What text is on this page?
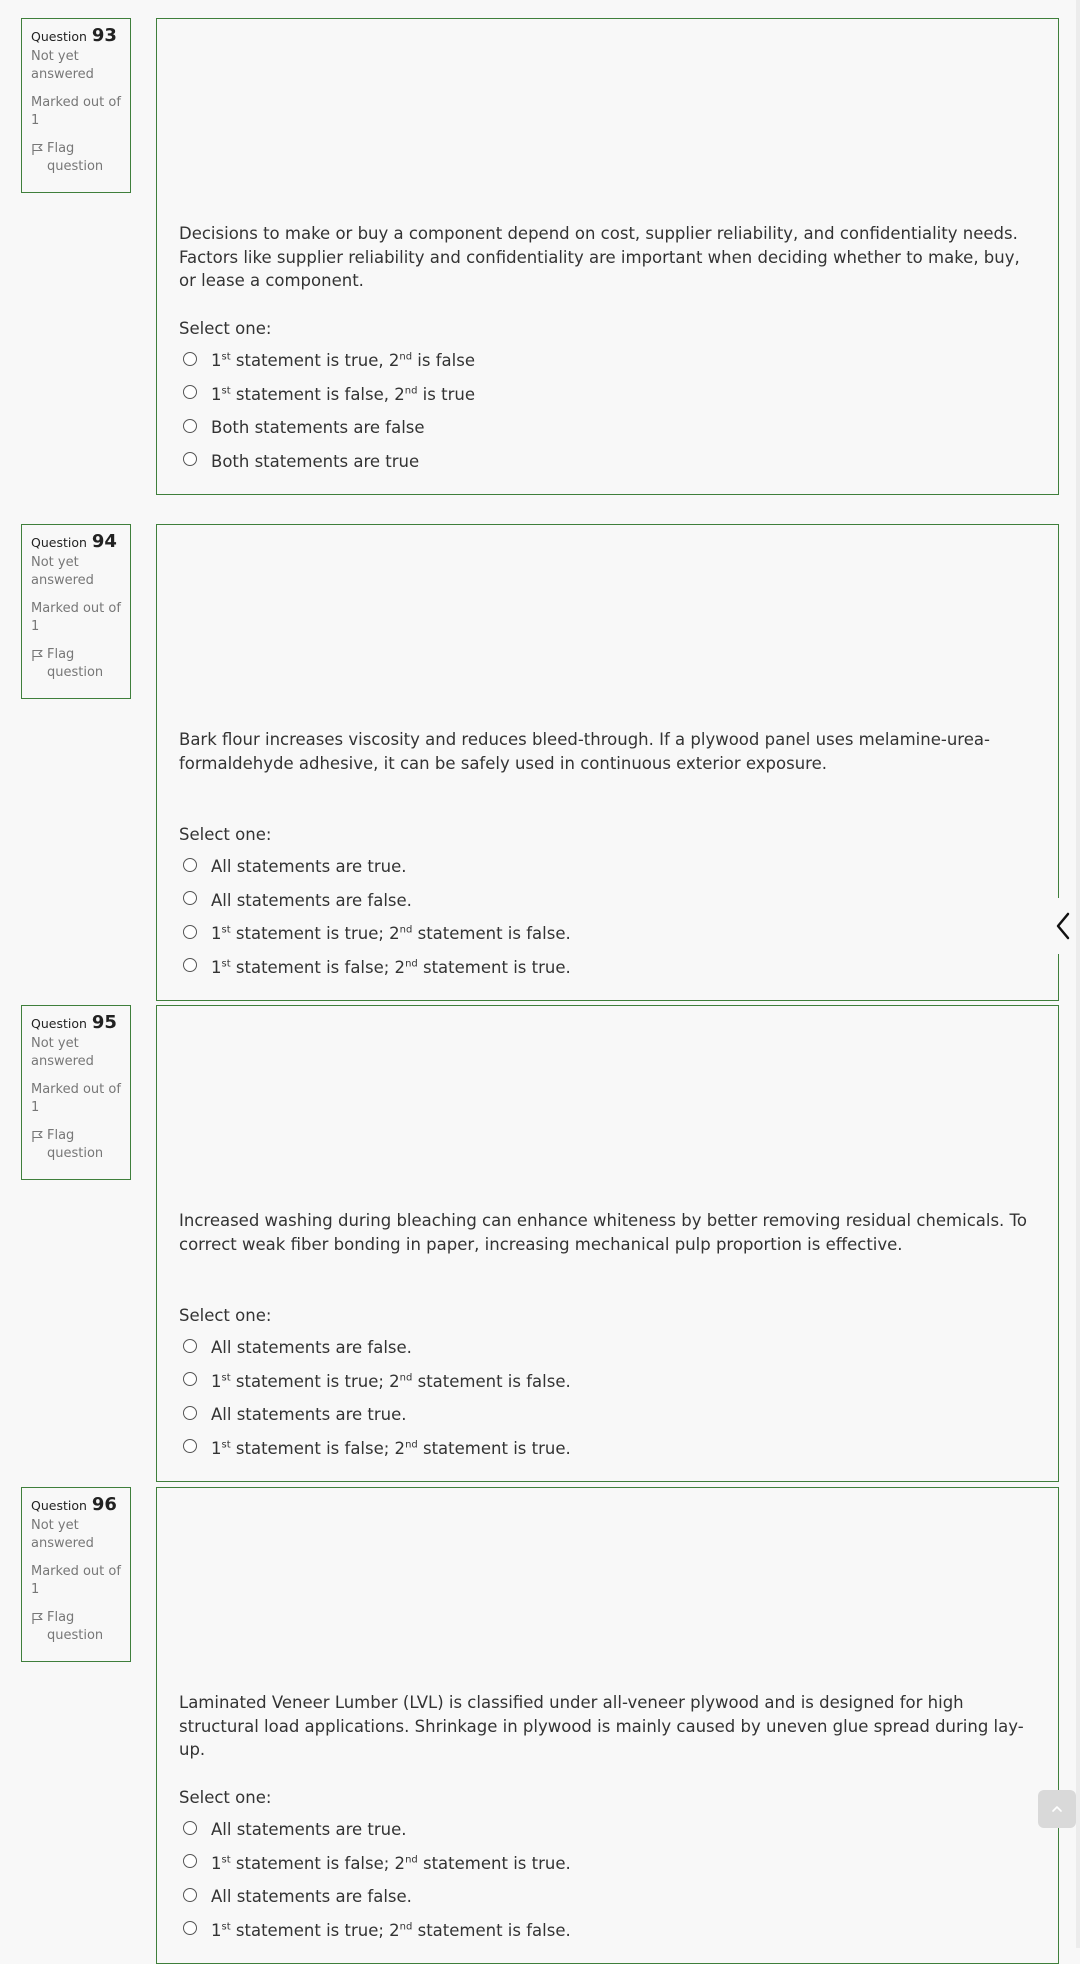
Question 93
Not yet answered
Marked out of 1
Flag question
Decisions to make or buy a component depend on cost, supplier reliability, and confidentiality needs. Factors like supplier reliability and confidentiality are important when deciding whether to make, buy, or lease a component.
Select one:
1st statement is true, 2nd is false
1st statement is false, 2nd is true
Both statements are false
Both statements are true
Question 94
Not yet answered
Marked out of 1
Flag question
Bark flour increases viscosity and reduces bleed-through. If a plywood panel uses melamine-urea-formaldehyde adhesive, it can be safely used in continuous exterior exposure.
Select one:
All statements are true.
All statements are false.
1st statement is true; 2nd statement is false.
1st statement is false; 2nd statement is true.
Question 95
Not yet answered
Marked out of 1
Flag question
Increased washing during bleaching can enhance whiteness by better removing residual chemicals. To correct weak fiber bonding in paper, increasing mechanical pulp proportion is effective.
Select one:
All statements are false.
1st statement is true; 2nd statement is false.
All statements are true.
1st statement is false; 2nd statement is true.
Question 96
Not yet answered
Marked out of 1
Flag question
Laminated Veneer Lumber (LVL) is classified under all-veneer plywood and is designed for high structural load applications. Shrinkage in plywood is mainly caused by uneven glue spread during lay-up.
Select one:
All statements are true.
1st statement is false; 2nd statement is true.
All statements are false.
1st statement is true; 2nd statement is false.
